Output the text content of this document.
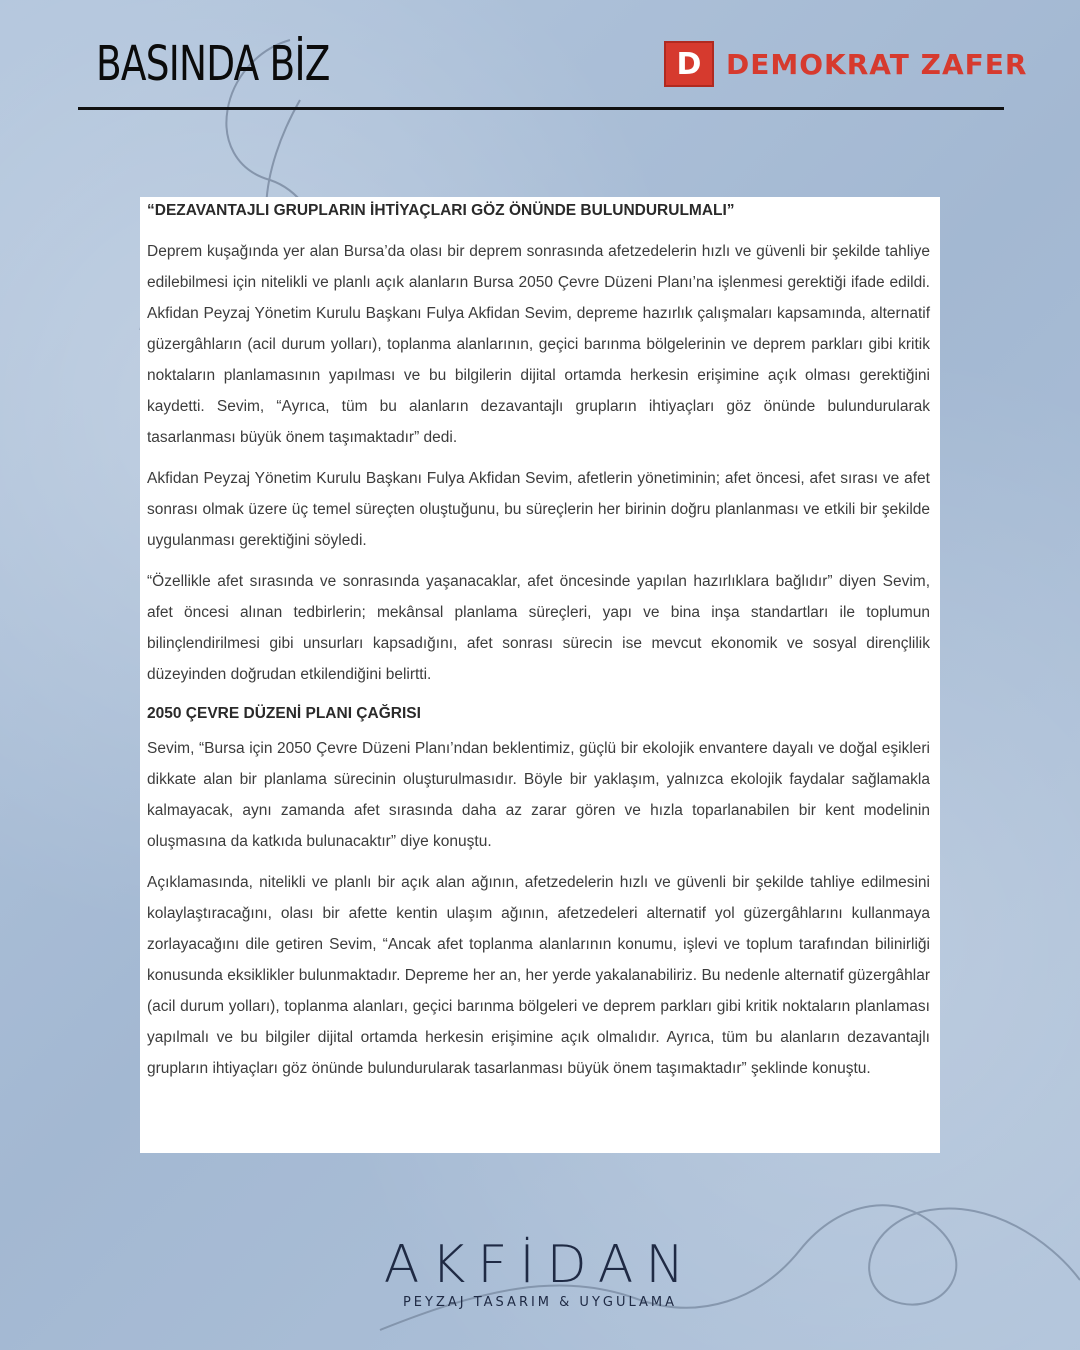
BASINDA BİZ	D DEMOKRAT ZAFER
“DEZAVANTAJLI GRUPLARIN İHTİYAÇLARI GÖZ ÖNÜNDE BULUNDURULMALI”

Deprem kuşağında yer alan Bursa’da olası bir deprem sonrasında afetzedelerin hızlı ve güvenli bir şekilde tahliye edilebilmesi için nitelikli ve planlı açık alanların Bursa 2050 Çevre Düzeni Planı’na işlenmesi gerektiği ifade edildi. Akfidan Peyzaj Yönetim Kurulu Başkanı Fulya Akfidan Sevim, depreme hazırlık çalışmaları kapsamında, alternatif güzergâhların (acil durum yolları), toplanma alanlarının, geçici barınma bölgelerinin ve deprem parkları gibi kritik noktaların planlamasının yapılması ve bu bilgilerin dijital ortamda herkesin erişimine açık olması gerektiğini kaydetti. Sevim, “Ayrıca, tüm bu alanların dezavantajlı grupların ihtiyaçları göz önünde bulundurularak tasarlanması büyük önem taşımaktadır” dedi.

Akfidan Peyzaj Yönetim Kurulu Başkanı Fulya Akfidan Sevim, afetlerin yönetiminin; afet öncesi, afet sırası ve afet sonrası olmak üzere üç temel süreçten oluştuğunu, bu süreçlerin her birinin doğru planlanması ve etkili bir şekilde uygulanması gerektiğini söyledi.

“Özellikle afet sırasında ve sonrasında yaşanacaklar, afet öncesinde yapılan hazırlıklara bağlıdır” diyen Sevim, afet öncesi alınan tedbirlerin; mekânsal planlama süreçleri, yapı ve bina inşa standartları ile toplumun bilinçlendirilmesi gibi unsurları kapsadığını, afet sonrası sürecin ise mevcut ekonomik ve sosyal dirençlilik düzeyinden doğrudan etkilendiğini belirtti.

2050 ÇEVRE DÜZENİ PLANI ÇAĞRISI

Sevim, “Bursa için 2050 Çevre Düzeni Planı’ndan beklentimiz, güçlü bir ekolojik envantere dayalı ve doğal eşikleri dikkate alan bir planlama sürecinin oluşturulmasıdır. Böyle bir yaklaşım, yalnızca ekolojik faydalar sağlamakla kalmayacak, aynı zamanda afet sırasında daha az zarar gören ve hızla toparlanabilen bir kent modelinin oluşmasına da katkıda bulunacaktır” diye konuştu.

Açıklamasında, nitelikli ve planlı bir açık alan ağının, afetzedelerin hızlı ve güvenli bir şekilde tahliye edilmesini kolaylaştıracağını, olası bir afette kentin ulaşım ağının, afetzedeleri alternatif yol güzergâhlarını kullanmaya zorlayacağını dile getiren Sevim, “Ancak afet toplanma alanlarının konumu, işlevi ve toplum tarafından bilinirliği konusunda eksiklikler bulunmaktadır. Depreme her an, her yerde yakalanabiliriz. Bu nedenle alternatif güzergâhlar (acil durum yolları), toplanma alanları, geçici barınma bölgeleri ve deprem parkları gibi kritik noktaların planlaması yapılmalı ve bu bilgiler dijital ortamda herkesin erişimine açık olmalıdır. Ayrıca, tüm bu alanların dezavantajlı grupların ihtiyaçları göz önünde bulundurularak tasarlanması büyük önem taşımaktadır” şeklinde konuştu.

AKFİDAN
PEYZAJ TASARIM & UYGULAMA
